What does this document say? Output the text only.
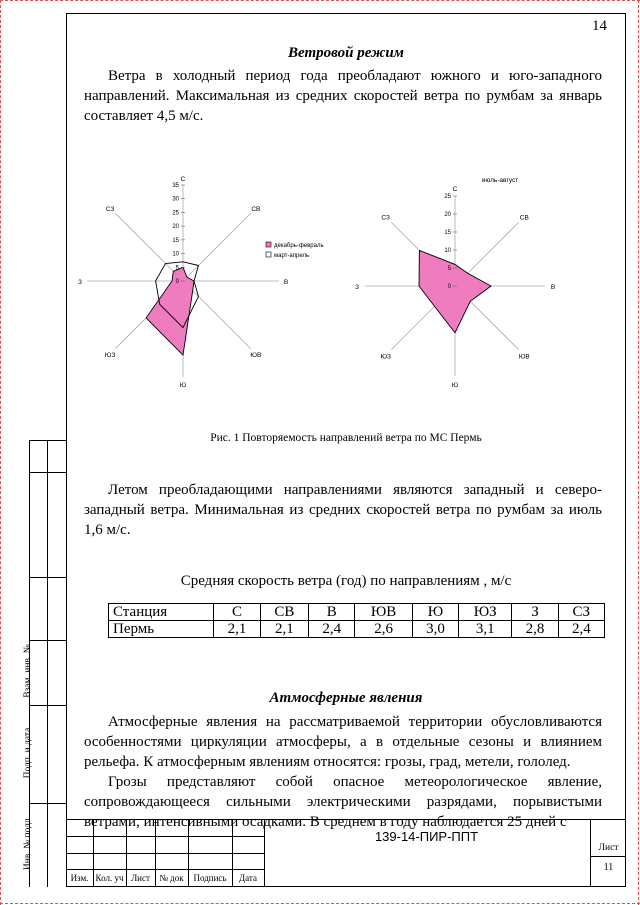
14
Ветровой режим

Ветра в холодный период года преобладают южного и юго-западного направлений. Максимальная из средних скоростей ветра по румбам за январь составляет 4,5 м/с.

С
СВ
В
ЮВ
Ю
ЮЗ
З
СЗ
35
30
25
20
15
10
5
0
декабрь-февраль
март-апрель
С
СВ
В
ЮВ
Ю
ЮЗ
З
СЗ
25
20
15
10
5
0
июль-август
Рис. 1 Повторяемость направлений ветра по МС Пермь

Летом преобладающими направлениями являются западный и северо-западный ветра. Минимальная из средних скоростей ветра по румбам за июль 1,6 м/с.

Средняя скорость ветра (год) по направлениям , м/с
Станция	С	СВ	В	ЮВ	Ю	ЮЗ	З	СЗ
Пермь	2,1	2,1	2,4	2,6	3,0	3,1	2,8	2,4
Атмосферные явления

Атмосферные явления на рассматриваемой территории обусловливаются особенностями циркуляции атмосферы, а в отдельные сезоны и влиянием рельефа. К атмосферным явлениям относятся: грозы, град, метели, гололед.

Грозы представляют собой опасное метеорологическое явление, сопровождающееся сильными электрическими разрядами, порывистыми ветрами, интенсивными осадками. В среднем в году наблюдается 25 дней с

Взам. инв. №
Подп. и дата
Инв. № подл.
Изм. Кол. уч Лист	№ док	Подпись	Дата
139-14-ПИР-ППТ
Лист
11
